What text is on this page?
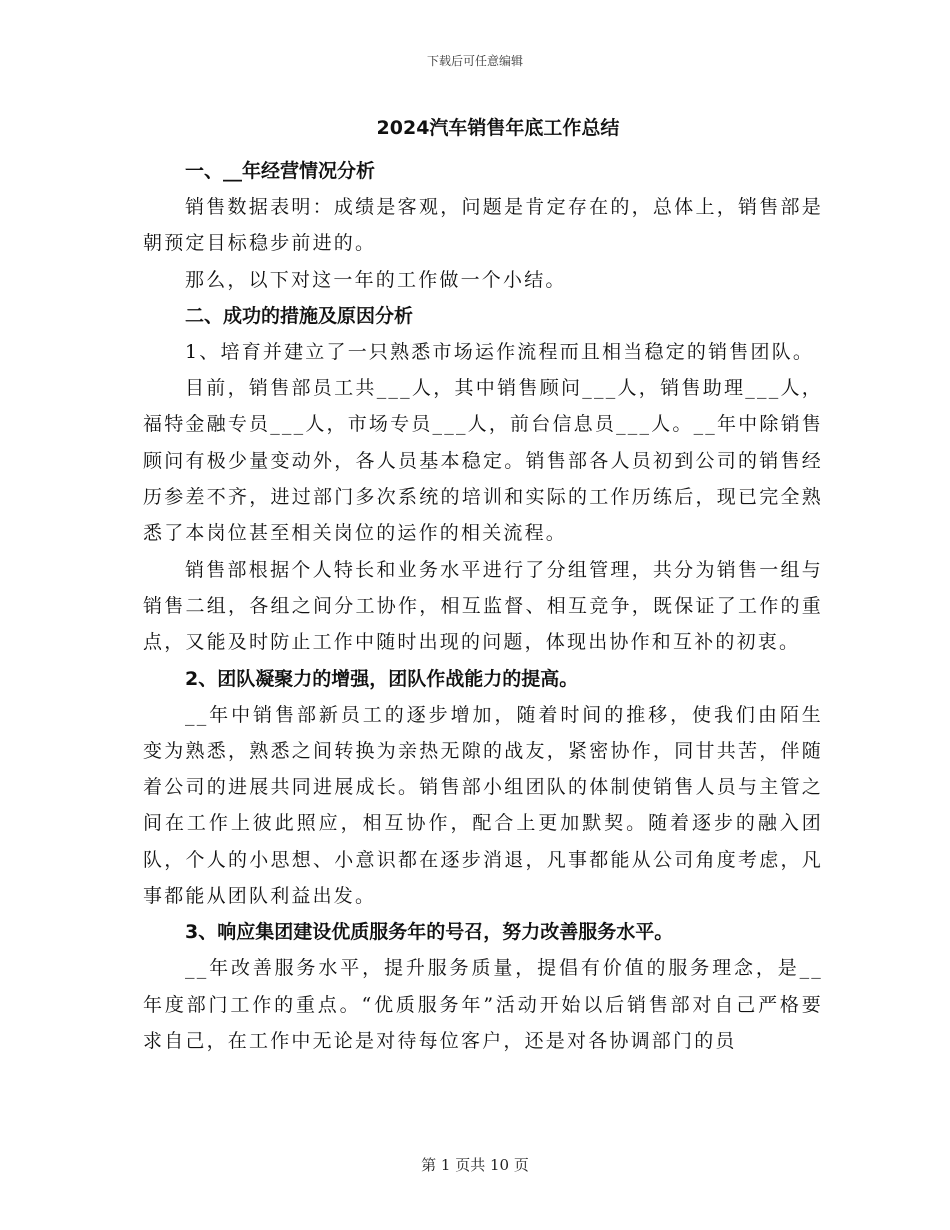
下载后可任意编辑
2024汽车销售年底工作总结
一、__年经营情况分析

销售数据表明：成绩是客观，问题是肯定存在的，总体上，销售部是朝预定目标稳步前进的。

那么，以下对这一年的工作做一个小结。

二、成功的措施及原因分析

1、培育并建立了一只熟悉市场运作流程而且相当稳定的销售团队。

目前，销售部员工共___人，其中销售顾问___人，销售助理___人，福特金融专员___人，市场专员___人，前台信息员___人。__年中除销售顾问有极少量变动外，各人员基本稳定。销售部各人员初到公司的销售经历参差不齐，进过部门多次系统的培训和实际的工作历练后，现已完全熟悉了本岗位甚至相关岗位的运作的相关流程。

销售部根据个人特长和业务水平进行了分组管理，共分为销售一组与销售二组，各组之间分工协作，相互监督、相互竞争，既保证了工作的重点，又能及时防止工作中随时出现的问题，体现出协作和互补的初衷。

2、团队凝聚力的增强，团队作战能力的提高。

__年中销售部新员工的逐步增加，随着时间的推移，使我们由陌生变为熟悉，熟悉之间转换为亲热无隙的战友，紧密协作，同甘共苦，伴随着公司的进展共同进展成长。销售部小组团队的体制使销售人员与主管之间在工作上彼此照应，相互协作，配合上更加默契。随着逐步的融入团队，个人的小思想、小意识都在逐步消退，凡事都能从公司角度考虑，凡事都能从团队利益出发。

3、响应集团建设优质服务年的号召，努力改善服务水平。

__年改善服务水平，提升服务质量，提倡有价值的服务理念，是__年度部门工作的重点。“优质服务年”活动开始以后销售部对自己严格要求自己，在工作中无论是对待每位客户，还是对各协调部门的员

第 1 页共 10 页
